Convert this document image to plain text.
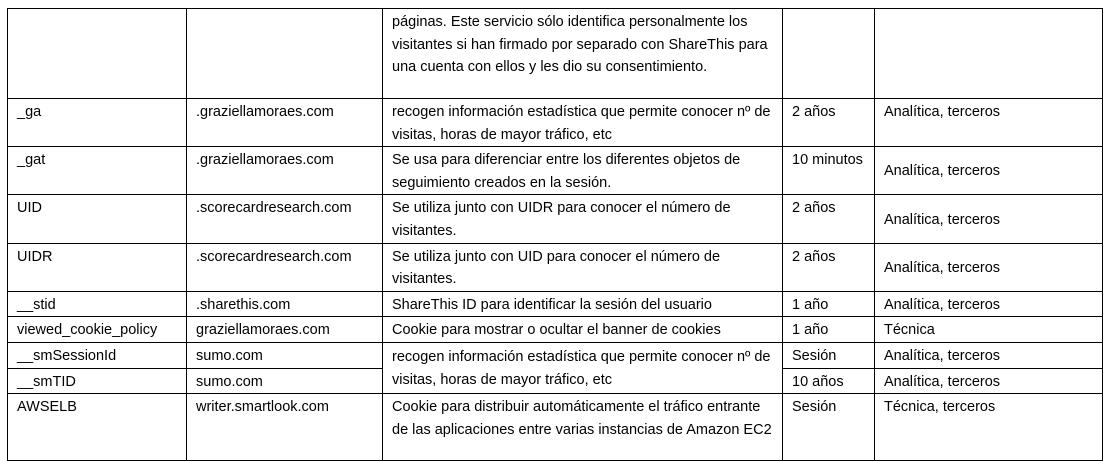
		páginas. Este servicio sólo identifica personalmente los visitantes si han firmado por separado con ShareThis para una cuenta con ellos y les dio su consentimiento.		
_ga	.graziellamoraes.com	recogen información estadística que permite conocer nº de visitas, horas de mayor tráfico, etc	2 años	Analítica, terceros
_gat	.graziellamoraes.com	Se usa para diferenciar entre los diferentes objetos de seguimiento creados en la sesión.	10 minutos	Analítica, terceros
UID	.scorecardresearch.com	Se utiliza junto con UIDR para conocer el número de visitantes.	2 años	Analítica, terceros
UIDR	.scorecardresearch.com	Se utiliza junto con UID para conocer el número de visitantes.	2 años	Analítica, terceros
__stid	.sharethis.com	ShareThis ID para identificar la sesión del usuario	1 año	Analítica, terceros
viewed_cookie_policy	graziellamoraes.com	Cookie para mostrar o ocultar el banner de cookies	1 año	Técnica
__smSessionId	sumo.com	recogen información estadística que permite conocer nº de visitas, horas de mayor tráfico, etc	Sesión	Analítica, terceros
__smTID	sumo.com		10 años	Analítica, terceros
AWSELB	writer.smartlook.com	Cookie para distribuir automáticamente el tráfico entrante de las aplicaciones entre varias instancias de Amazon EC2	Sesión	Técnica, terceros
